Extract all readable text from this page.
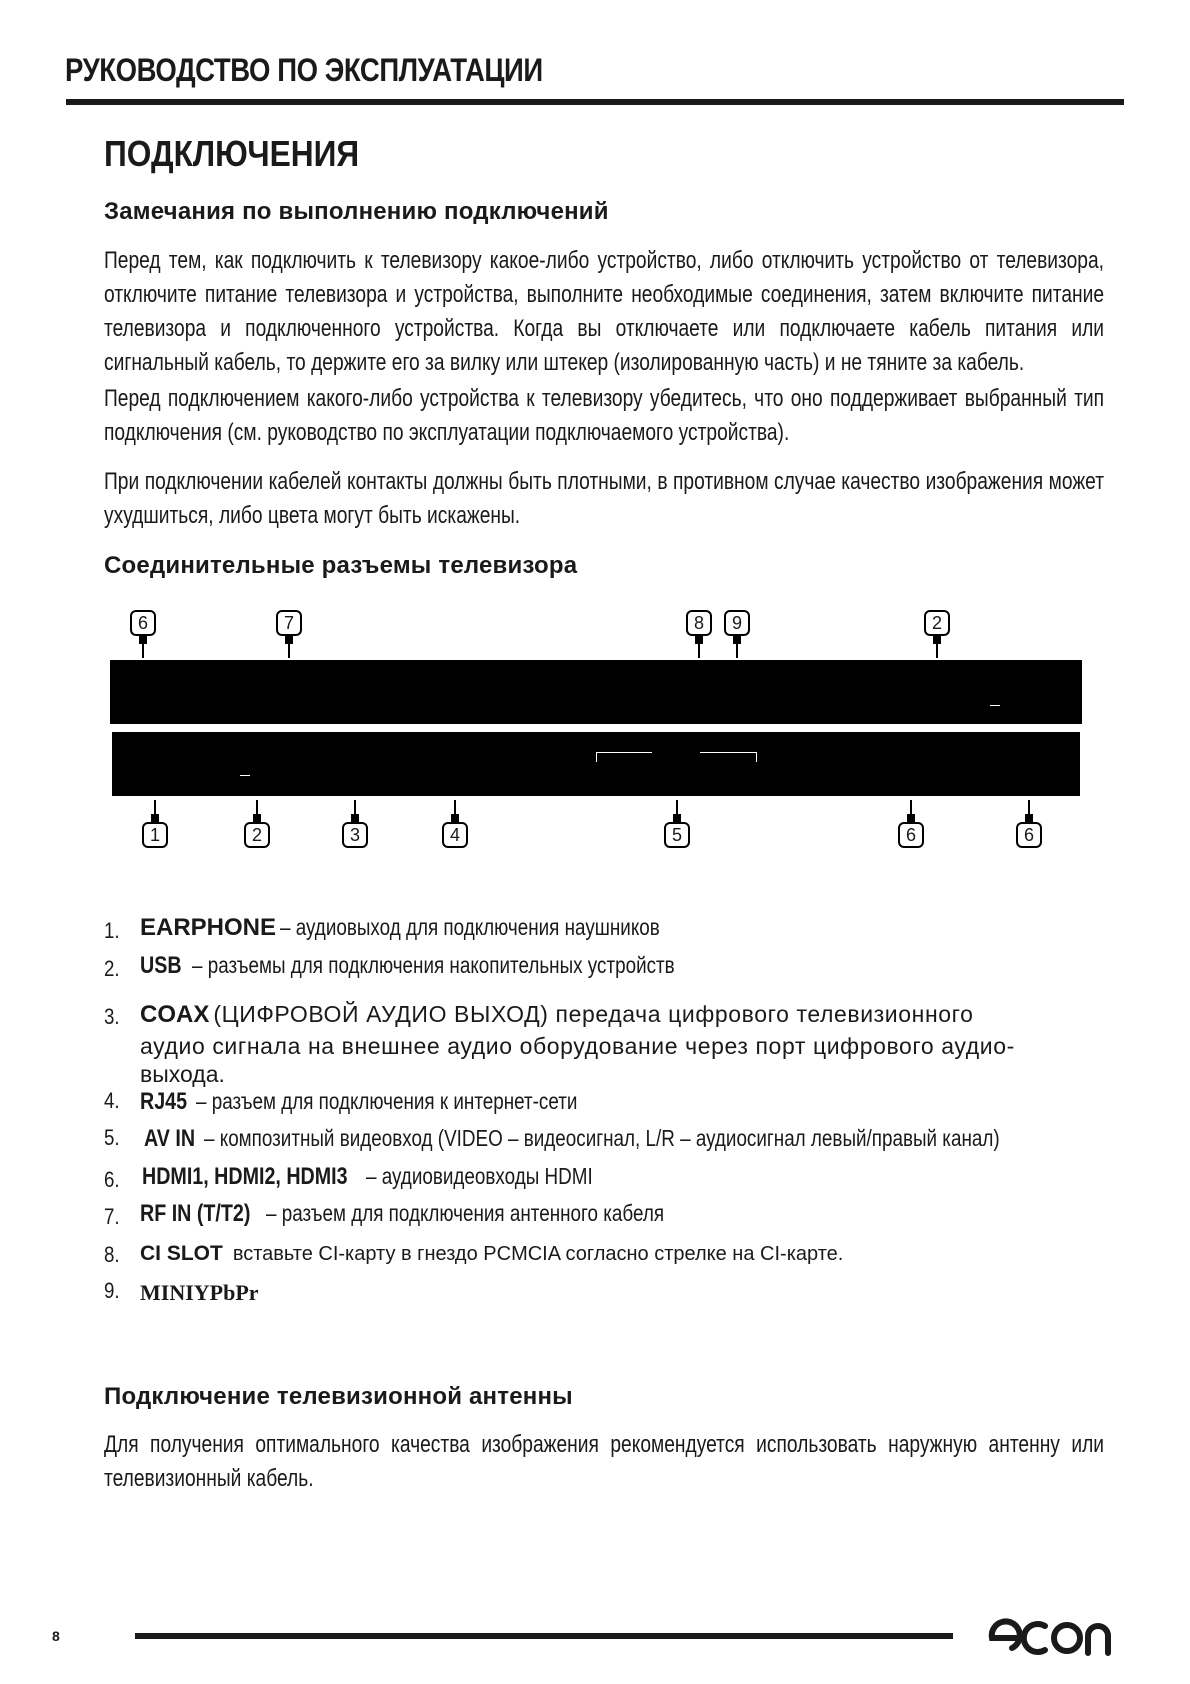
РУКОВОДСТВО ПО ЭКСПЛУАТАЦИИ
ПОДКЛЮЧЕНИЯ
Замечания по выполнению подключений
Перед тем, как подключить к телевизору какое-либо устройство, либо отключить устройство от телевизора, отключите питание телевизора и устройства, выполните необходимые соединения, затем включите питание телевизора и подключенного устройства. Когда вы отключаете или подключаете кабель питания или сигнальный кабель, то держите его за вилку или штекер (изолированную часть) и не тяните за кабель.
Перед подключением какого-либо устройства к телевизору убедитесь, что оно поддерживает выбранный тип подключения (см. руководство по эксплуатации подключаемого устройства).
При подключении кабелей контакты должны быть плотными, в противном случае качество изображения может ухудшиться, либо цвета могут быть искажены.
Соединительные разъемы телевизора
6	7	8	9	2
1	2	3	4	5	6	6
1. EARPHONE – аудиовыход для подключения наушников
2. USB – разъемы для подключения накопительных устройств
3. COAX (ЦИФРОВОЙ АУДИО ВЫХОД) передача цифрового телевизионного
аудио сигнала на внешнее аудио оборудование через порт цифрового аудио-
выхода.
4. RJ45 – разъем для подключения к интернет-сети
5. AV IN – композитный видеовход (VIDEO – видеосигнал, L/R – аудиосигнал левый/правый канал)
6. HDMI1, HDMI2, HDMI3 – аудиовидеовходы HDMI
7. RF IN (T/T2) – разъем для подключения антенного кабеля
8. CI SLOT вставьте CI-карту в гнездо PCMCIA согласно стрелке на CI-карте.
9. MINIYPbPr
Подключение телевизионной антенны
Для получения оптимального качества изображения рекомендуется использовать наружную антенну или телевизионный кабель.
8
